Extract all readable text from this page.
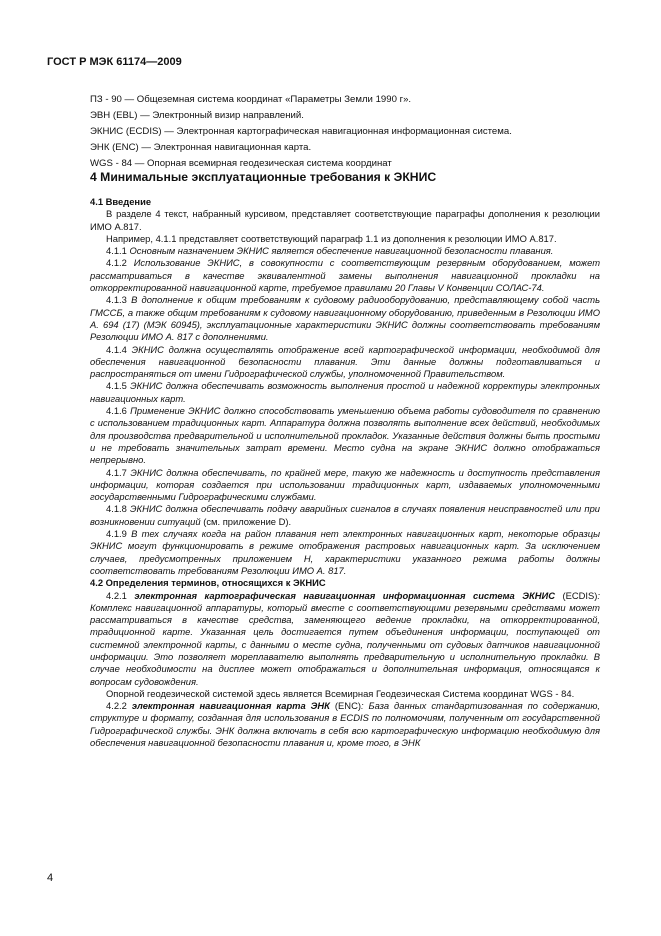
ГОСТ Р МЭК 61174—2009
ПЗ - 90 — Общеземная система координат «Параметры Земли 1990 г».
ЭВН (EBL) — Электронный визир направлений.
ЭКНИС (ECDIS) — Электронная картографическая навигационная информационная система.
ЭНК (ENC) — Электронная навигационная карта.
WGS - 84 — Опорная всемирная геодезическая система координат
4 Минимальные эксплуатационные требования к ЭКНИС

4.1 Введение

В разделе 4 текст, набранный курсивом, представляет соответствующие параграфы дополнения к резолюции ИМО А.817.

Например, 4.1.1 представляет соответствующий параграф 1.1 из дополнения к резолюции ИМО А.817.

4.1.1 Основным назначением ЭКНИС является обеспечение навигационной безопасности плавания.

4.1.2 Использование ЭКНИС, в совокупности с соответствующим резервным оборудованием, может рассматриваться в качестве эквивалентной замены выполнения навигационной прокладки на откорректированной навигационной карте, требуемое правилами 20 Главы V Конвенции СОЛАС-74.

4.1.3 В дополнение к общим требованиям к судовому радиооборудованию, представляющему собой часть ГМССБ, а также общим требованиям к судовому навигационному оборудованию, приведенным в Резолюции ИМО А. 694 (17) (МЭК 60945), эксплуатационные характеристики ЭКНИС должны соответствовать требованиям Резолюции ИМО А. 817 с дополнениями.

4.1.4 ЭКНИС должна осуществлять отображение всей картографической информации, необходимой для обеспечения навигационной безопасности плавания. Эти данные должны подготавливаться и распространяться от имени Гидрографической службы, уполномоченной Правительством.

4.1.5 ЭКНИС должна обеспечивать возможность выполнения простой и надежной корректуры электронных навигационных карт.

4.1.6 Применение ЭКНИС должно способствовать уменьшению объема работы судоводителя по сравнению с использованием традиционных карт. Аппаратура должна позволять выполнение всех действий, необходимых для производства предварительной и исполнительной прокладок. Указанные действия должны быть простыми и не требовать значительных затрат времени. Место судна на экране ЭКНИС должно отображаться непрерывно.

4.1.7 ЭКНИС должна обеспечивать, по крайней мере, такую же надежность и доступность представления информации, которая создается при использовании традиционных карт, издаваемых уполномоченными государственными Гидрографическими службами.

4.1.8 ЭКНИС должна обеспечивать подачу аварийных сигналов в случаях появления неисправностей или при возникновении ситуаций (см. приложение D).

4.1.9 В тех случаях когда на район плавания нет электронных навигационных карт, некоторые образцы ЭКНИС могут функционировать в режиме отображения растровых навигационных карт. За исключением случаев, предусмотренных приложением Н, характеристики указанного режима работы должны соответствовать требованиям Резолюции ИМО А. 817.

4.2 Определения терминов, относящихся к ЭКНИС

4.2.1 электронная картографическая навигационная информационная система ЭКНИС (ECDIS): Комплекс навигационной аппаратуры, который вместе с соответствующими резервными средствами может рассматриваться в качестве средства, заменяющего ведение прокладки, на откорректированной, традиционной карте. Указанная цель достигается путем объединения информации, поступающей от системной электронной карты, с данными о месте судна, полученными от судовых датчиков навигационной информации. Это позволяет мореплавателю выполнять предварительную и исполнительную прокладки. В случае необходимости на дисплее может отображаться и дополнительная информация, относящаяся к вопросам судовождения.

Опорной геодезической системой здесь является Всемирная Геодезическая Система координат WGS - 84.

4.2.2 электронная навигационная карта ЭНК (ENC): База данных стандартизованная по содержанию, структуре и формату, созданная для использования в ECDIS по полномочиям, полученным от государственной Гидрографической службы. ЭНК должна включать в себя всю картографическую информацию необходимую для обеспечения навигационной безопасности плавания и, кроме того, в ЭНК

4
